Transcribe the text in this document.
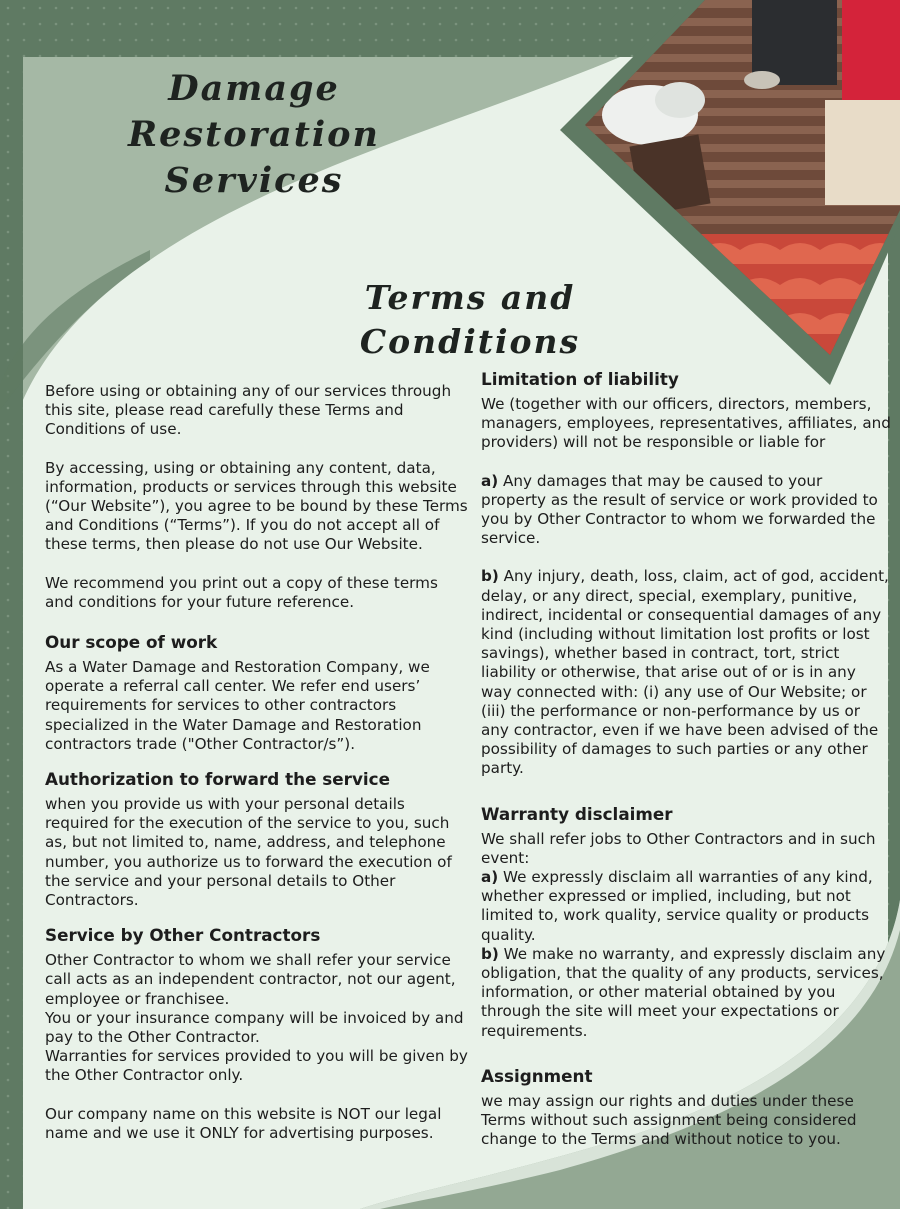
Damage Restoration
Services
Terms and Conditions

Before using or obtaining any of our services through this site, please read carefully these Terms and Conditions of use.

By accessing, using or obtaining any content, data, information, products or services through this website (“Our Website”), you agree to be bound by these Terms and Conditions (“Terms”). If you do not accept all of these terms, then please do not use Our Website.

We recommend you print out a copy of these terms and conditions for your future reference.

Our scope of work

As a Water Damage and Restoration Company, we operate a referral call center. We refer end users’ requirements for services to other contractors specialized in the Water Damage and Restoration contractors trade ("Other Contractor/s”).

Authorization to forward the service

when you provide us with your personal details required for the execution of the service to you, such as, but not limited to, name, address, and telephone number, you authorize us to forward the execution of the service and your personal details to Other Contractors.

Service by Other Contractors

Other Contractor to whom we shall refer your service call acts as an independent contractor, not our agent, employee or franchisee.

You or your insurance company will be invoiced by and pay to the Other Contractor.

Warranties for services provided to you will be given by the Other Contractor only.

Our company name on this website is NOT our legal name and we use it ONLY for advertising purposes.

Limitation of liability

We (together with our officers, directors, members, managers, employees, representatives, affiliates, and providers) will not be responsible or liable for

a) Any damages that may be caused to your property as the result of service or work provided to you by Other Contractor to whom we forwarded the service.

b) Any injury, death, loss, claim, act of god, accident, delay, or any direct, special, exemplary, punitive, indirect, incidental or consequential damages of any kind (including without limitation lost profits or lost savings), whether based in contract, tort, strict liability or otherwise, that arise out of or is in any way connected with: (i) any use of Our Website; or (iii) the performance or non-performance by us or any contractor, even if we have been advised of the possibility of damages to such parties or any other party.

Warranty disclaimer

We shall refer jobs to Other Contractors and in such event:

a) We expressly disclaim all warranties of any kind, whether expressed or implied, including, but not limited to, work quality, service quality or products quality.

b) We make no warranty, and expressly disclaim any obligation, that the quality of any products, services, information, or other material obtained by you through the site will meet your expectations or requirements.

Assignment

we may assign our rights and duties under these Terms without such assignment being considered change to the Terms and without notice to you.
